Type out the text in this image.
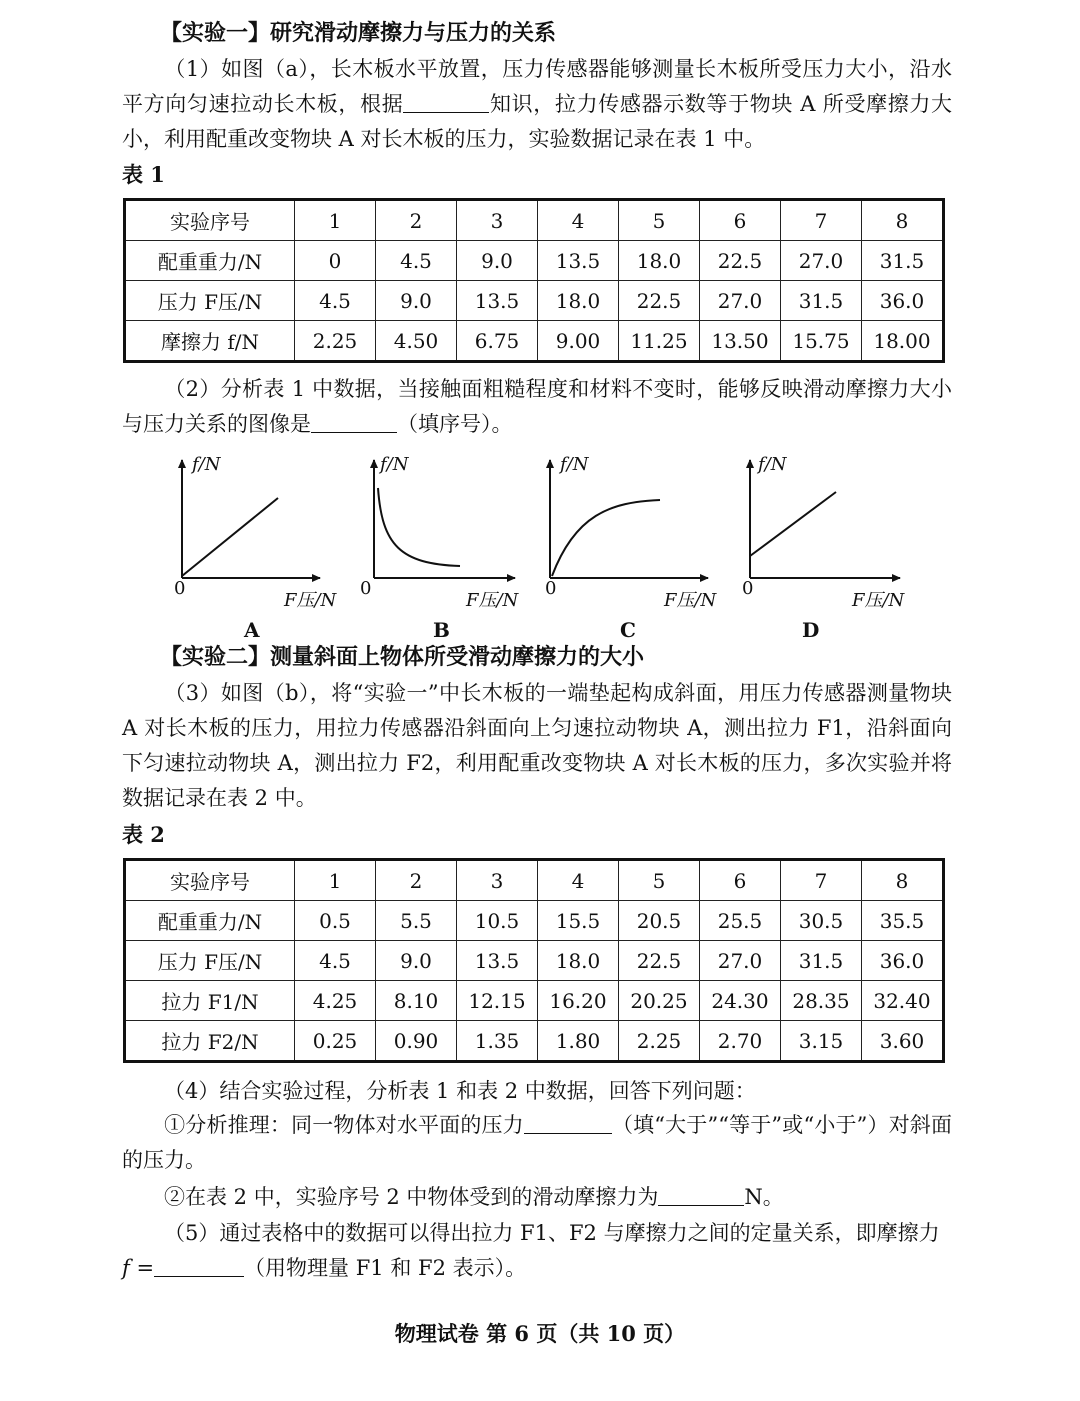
【实验一】研究滑动摩擦力与压力的关系
（1）如图（a），长木板水平放置，压力传感器能够测量长木板所受压力大小，沿水平方向匀速拉动长木板，根据	知识，拉力传感器示数等于物块 A 所受摩擦力大小，利用配重改变物块 A 对长木板的压力，实验数据记录在表 1 中。
表 1
实验序号	1	2	3	4	5	6	7	8
配重重力/N	0	4.5	9.0	13.5	18.0	22.5	27.0	31.5
压力 F压/N	4.5	9.0	13.5	18.0	22.5	27.0	31.5	36.0
摩擦力 f/N	2.25	4.50	6.75	9.00	11.25	13.50	15.75	18.00
（2）分析表 1 中数据，当接触面粗糙程度和材料不变时，能够反映滑动摩擦力大小与压力关系的图像是	（填序号）。
f/N
0
F压/N
A
f/N
0
F压/N
B
f/N
0
F压/N
C
f/N
0
F压/N
D
【实验二】测量斜面上物体所受滑动摩擦力的大小
（3）如图（b），将“实验一”中长木板的一端垫起构成斜面，用压力传感器测量物块 A 对长木板的压力，用拉力传感器沿斜面向上匀速拉动物块 A，测出拉力 F1，沿斜面向下匀速拉动物块 A，测出拉力 F2，利用配重改变物块 A 对长木板的压力，多次实验并将数据记录在表 2 中。
表 2
实验序号	1	2	3	4	5	6	7	8
配重重力/N	0.5	5.5	10.5	15.5	20.5	25.5	30.5	35.5
压力 F压/N	4.5	9.0	13.5	18.0	22.5	27.0	31.5	36.0
拉力 F1/N	4.25	8.10	12.15	16.20	20.25	24.30	28.35	32.40
拉力 F2/N	0.25	0.90	1.35	1.80	2.25	2.70	3.15	3.60
（4）结合实验过程，分析表 1 和表 2 中数据，回答下列问题：
①分析推理：同一物体对水平面的压力	（填“大于”“等于”或“小于”）对斜面的压力。
②在表 2 中，实验序号 2 中物体受到的滑动摩擦力为	N。
（5）通过表格中的数据可以得出拉力 F1、F2 与摩擦力之间的定量关系，即摩擦力
f =	（用物理量 F1 和 F2 表示）。
物理试卷 第 6 页（共 10 页）
